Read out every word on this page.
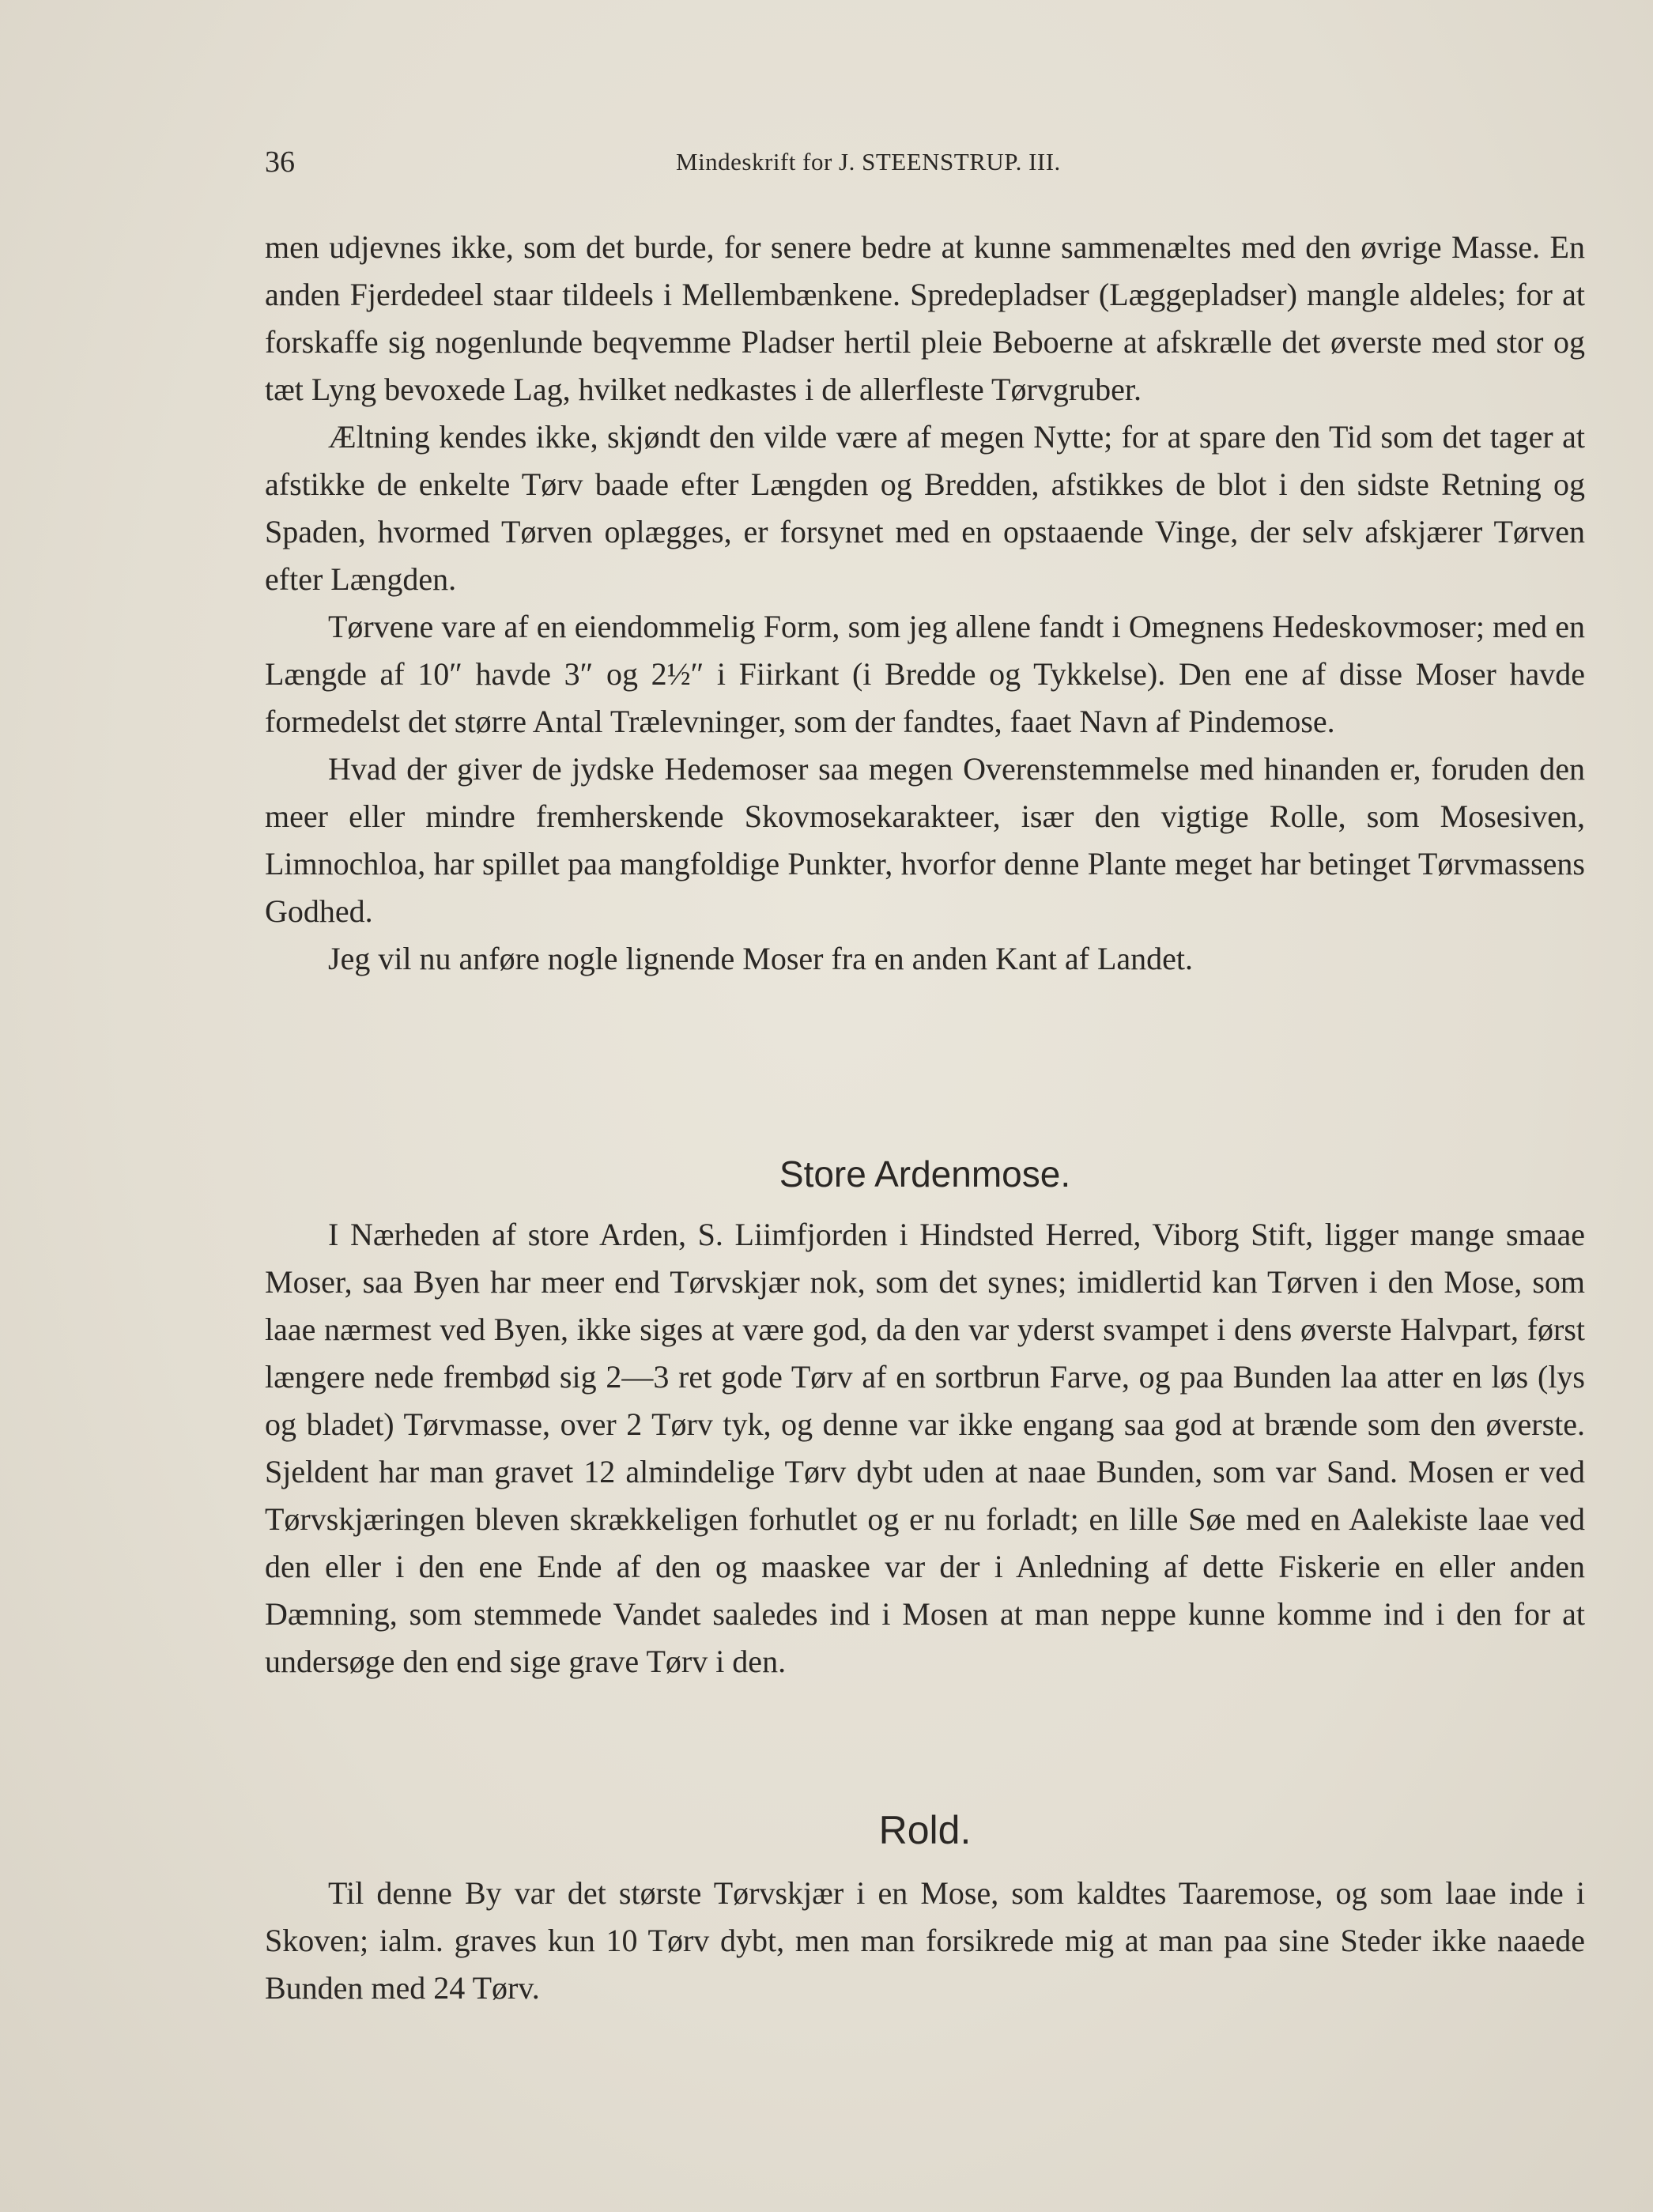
36	Mindeskrift for J. STEENSTRUP. III.

men udjevnes ikke, som det burde, for senere bedre at kunne sammenæltes med den øvrige Masse. En anden Fjerdedeel staar tildeels i Mellembænkene. Spredepladser (Læggepladser) mangle aldeles; for at forskaffe sig nogenlunde beqvemme Pladser hertil pleie Beboerne at afskrælle det øverste med stor og tæt Lyng bevoxede Lag, hvilket nedkastes i de allerfleste Tørvgruber.

Æltning kendes ikke, skjøndt den vilde være af megen Nytte; for at spare den Tid som det tager at afstikke de enkelte Tørv baade efter Længden og Bredden, afstikkes de blot i den sidste Retning og Spaden, hvormed Tørven oplægges, er forsynet med en opstaaende Vinge, der selv afskjærer Tørven efter Længden.

Tørvene vare af en eiendommelig Form, som jeg allene fandt i Omegnens Hedeskovmoser; med en Længde af 10″ havde 3″ og 2½″ i Fiirkant (i Bredde og Tykkelse). Den ene af disse Moser havde formedelst det større Antal Trælevninger, som der fandtes, faaet Navn af Pindemose.

Hvad der giver de jydske Hedemoser saa megen Overenstemmelse med hinanden er, foruden den meer eller mindre fremherskende Skovmosekarakteer, især den vigtige Rolle, som Mosesiven, Limnochloa, har spillet paa mangfoldige Punkter, hvorfor denne Plante meget har betinget Tørvmassens Godhed.

Jeg vil nu anføre nogle lignende Moser fra en anden Kant af Landet.

Store Ardenmose.

I Nærheden af store Arden, S. Liimfjorden i Hindsted Herred, Viborg Stift, ligger mange smaae Moser, saa Byen har meer end Tørvskjær nok, som det synes; imidlertid kan Tørven i den Mose, som laae nærmest ved Byen, ikke siges at være god, da den var yderst svampet i dens øverste Halvpart, først længere nede frembød sig 2—3 ret gode Tørv af en sortbrun Farve, og paa Bunden laa atter en løs (lys og bladet) Tørvmasse, over 2 Tørv tyk, og denne var ikke engang saa god at brænde som den øverste. Sjeldent har man gravet 12 almindelige Tørv dybt uden at naae Bunden, som var Sand. Mosen er ved Tørvskjæringen bleven skrækkeligen forhutlet og er nu forladt; en lille Søe med en Aalekiste laae ved den eller i den ene Ende af den og maaskee var der i Anledning af dette Fiskerie en eller anden Dæmning, som stemmede Vandet saaledes ind i Mosen at man neppe kunne komme ind i den for at undersøge den end sige grave Tørv i den.

Rold.

Til denne By var det største Tørvskjær i en Mose, som kaldtes Taaremose, og som laae inde i Skoven; ialm. graves kun 10 Tørv dybt, men man forsikrede mig at man paa sine Steder ikke naaede Bunden med 24 Tørv.
